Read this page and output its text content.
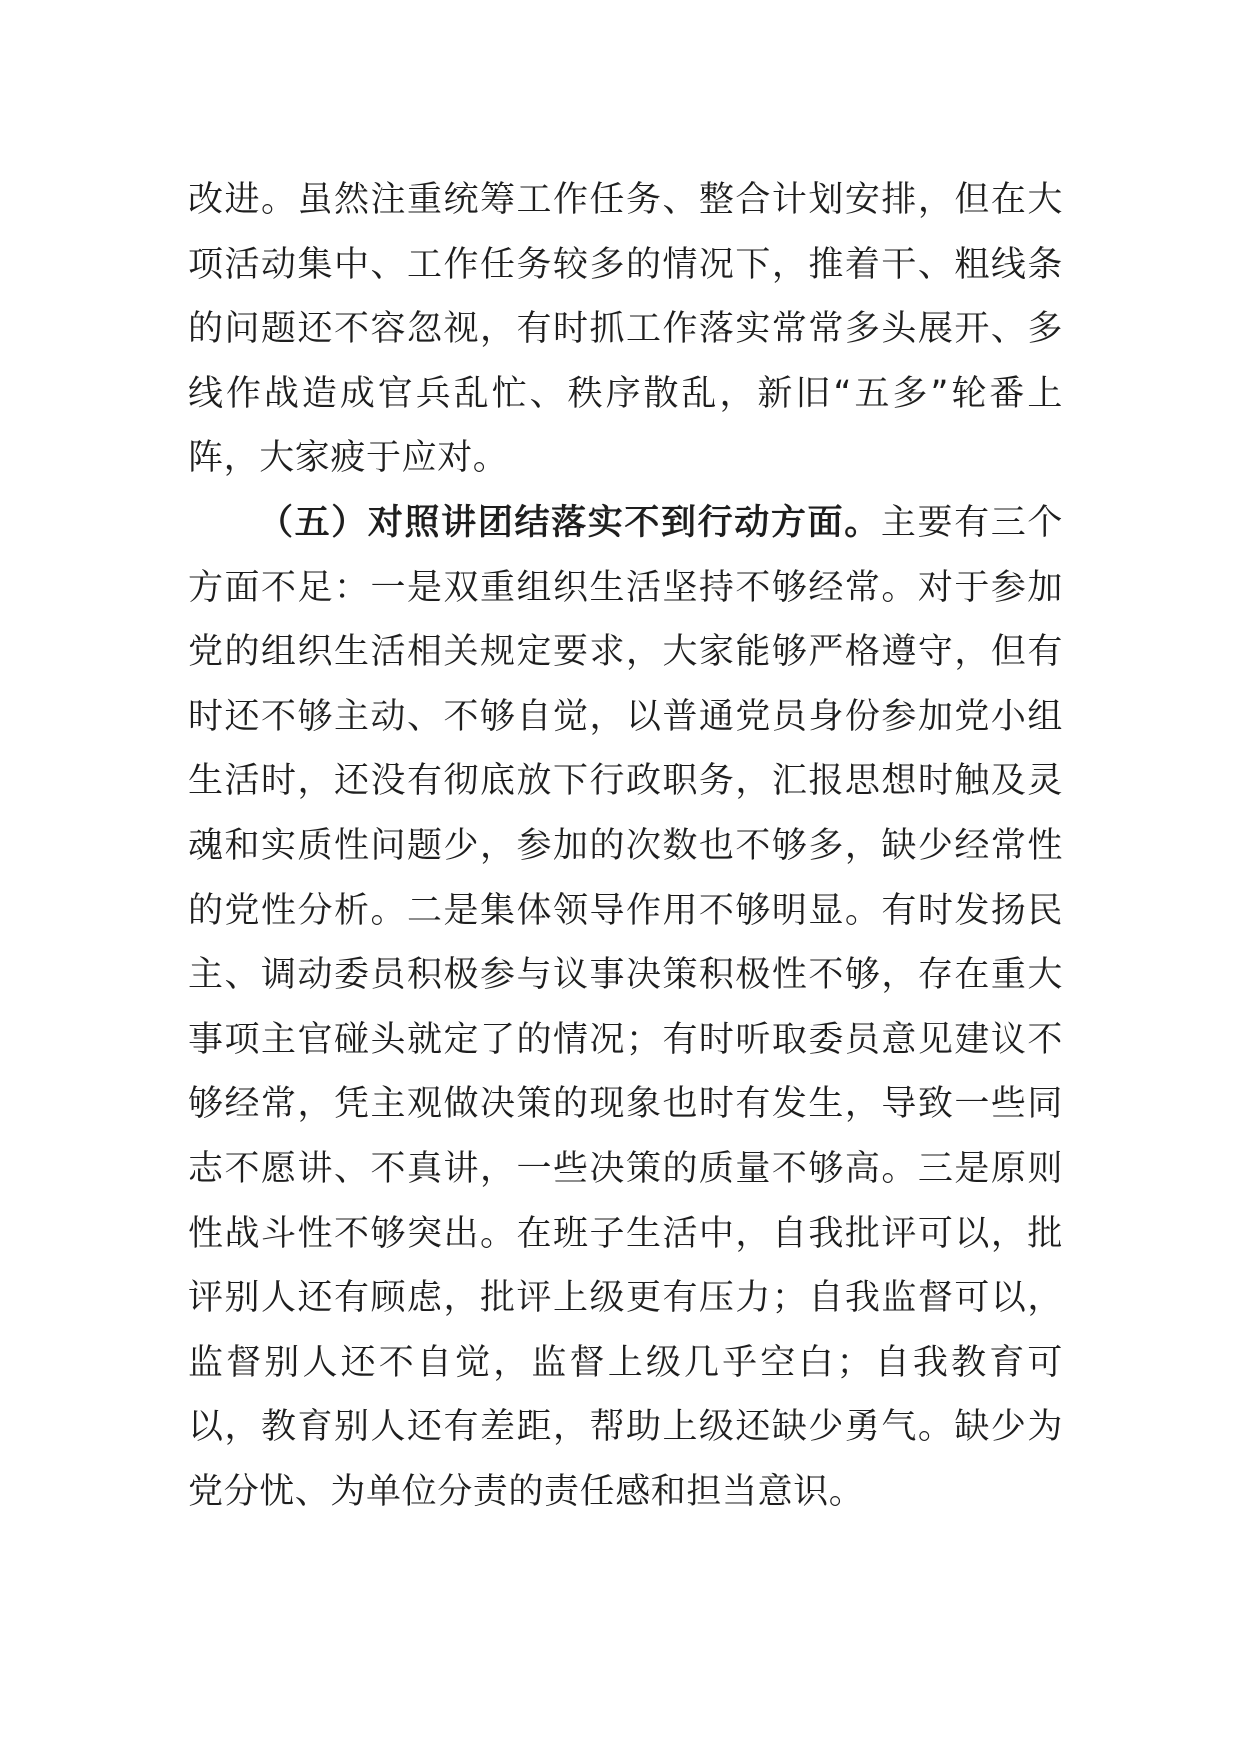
改进。虽然注重统筹工作任务、整合计划安排，但在大项活动集中、工作任务较多的情况下，推着干、粗线条的问题还不容忽视，有时抓工作落实常常多头展开、多线作战造成官兵乱忙、秩序散乱，新旧“五多”轮番上阵，大家疲于应对。

（五）对照讲团结落实不到行动方面。主要有三个方面不足：一是双重组织生活坚持不够经常。对于参加党的组织生活相关规定要求，大家能够严格遵守，但有时还不够主动、不够自觉，以普通党员身份参加党小组生活时，还没有彻底放下行政职务，汇报思想时触及灵魂和实质性问题少，参加的次数也不够多，缺少经常性的党性分析。二是集体领导作用不够明显。有时发扬民主、调动委员积极参与议事决策积极性不够，存在重大事项主官碰头就定了的情况；有时听取委员意见建议不够经常，凭主观做决策的现象也时有发生，导致一些同志不愿讲、不真讲，一些决策的质量不够高。三是原则性战斗性不够突出。在班子生活中，自我批评可以，批评别人还有顾虑，批评上级更有压力；自我监督可以，监督别人还不自觉，监督上级几乎空白；自我教育可以，教育别人还有差距，帮助上级还缺少勇气。缺少为党分忧、为单位分责的责任感和担当意识。
